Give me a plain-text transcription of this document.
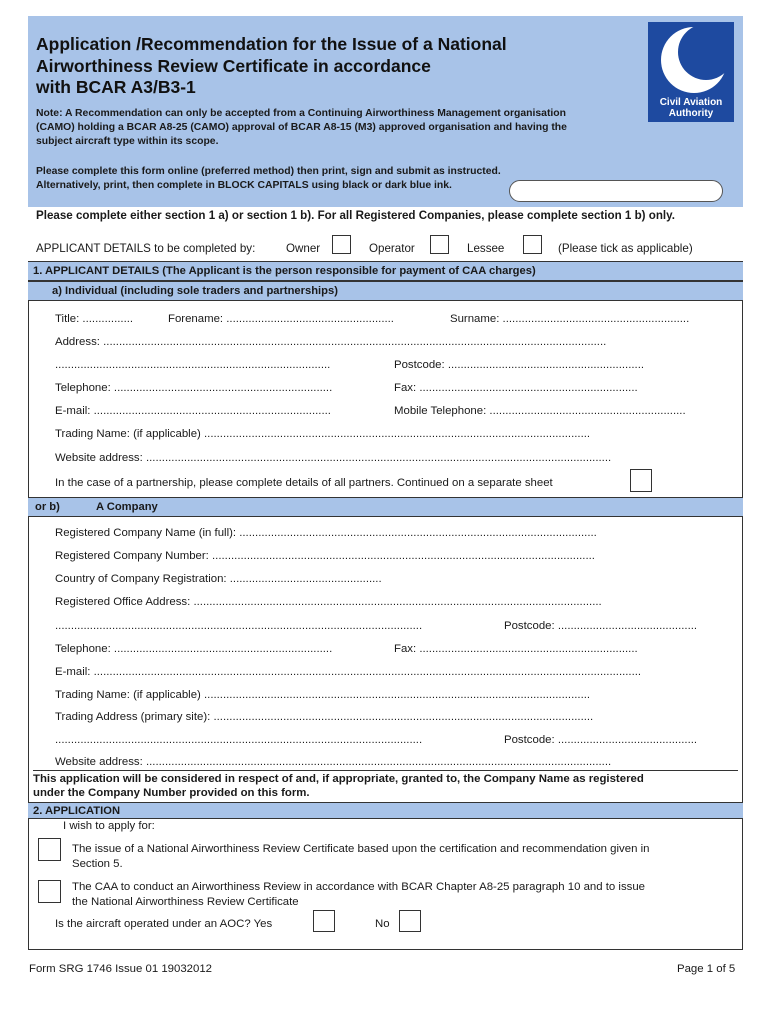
Application /Recommendation for the Issue of a National
Airworthiness Review Certificate in accordance
with BCAR A3/B3-1
Civil Aviation
Authority
Note: A Recommendation can only be accepted from a Continuing Airworthiness Management organisation
(CAMO) holding a BCAR A8-25 (CAMO) approval of BCAR A8-15 (M3) approved organisation and having the
subject aircraft type within its scope.
Please complete this form online (preferred method) then print, sign and submit as instructed.
Alternatively, print, then complete in BLOCK CAPITALS using black or dark blue ink.
Please complete either section 1 a) or section 1 b). For all Registered Companies, please complete section 1 b) only.
APPLICANT DETAILS to be completed by:	Owner	Operator	Lessee	(Please tick as applicable)
1. APPLICANT DETAILS (The Applicant is the person responsible for payment of CAA charges)
a) Individual (including sole traders and partnerships)
Title: ................	Forename: .....................................................	Surname: ...........................................................
Address: ...............................................................................................................................................................
.......................................................................................	Postcode: ..............................................................
Telephone: .....................................................................	Fax: .....................................................................
E-mail: ...........................................................................	Mobile Telephone: ..............................................................
Trading Name: (if applicable) ..........................................................................................................................
Website address: ...................................................................................................................................................
In the case of a partnership, please complete details of all partners. Continued on a separate sheet
or b)	A Company
Registered Company Name (in full): .................................................................................................................
Registered Company Number: .........................................................................................................................
Country of Company Registration: ................................................
Registered Office Address: .................................................................................................................................
....................................................................................................................	Postcode: ............................................
Telephone: .....................................................................	Fax: .....................................................................
E-mail: .............................................................................................................................................................................
Trading Name: (if applicable) ..........................................................................................................................
Trading Address (primary site): ........................................................................................................................
....................................................................................................................	Postcode: ............................................
Website address: ...................................................................................................................................................
This application will be considered in respect of and, if appropriate, granted to, the Company Name as registered
under the Company Number provided on this form.
2. APPLICATION
I wish to apply for:
The issue of a National Airworthiness Review Certificate based upon the certification and recommendation given in
Section 5.
The CAA to conduct an Airworthiness Review in accordance with BCAR Chapter A8-25 paragraph 10 and to issue
the National Airworthiness Review Certificate
Is the aircraft operated under an AOC? Yes	No
Form SRG 1746 Issue 01 19032012	Page 1 of 5
